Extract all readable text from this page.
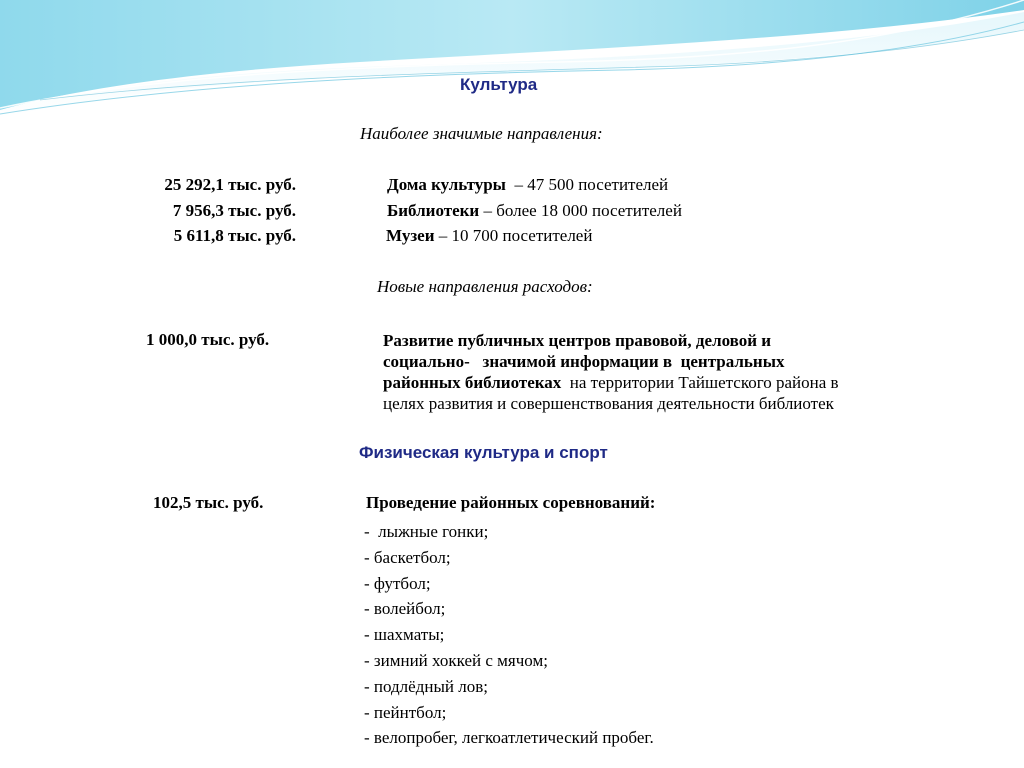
Культура
Наиболее значимые направления:
25 292,1 тыс. руб.	Дома культуры  – 47 500 посетителей
7 956,3 тыс. руб.	Библиотеки – более 18 000 посетителей
5 611,8 тыс. руб.	Музеи – 10 700 посетителей
Новые направления расходов:
1 000,0 тыс. руб.	Развитие публичных центров правовой, деловой и
социально-   значимой информации в  центральных
районных библиотеках  на территории Тайшетского района в
целях развития и совершенствования деятельности библиотек
Физическая культура и спорт
102,5 тыс. руб.	Проведение районных соревнований:
-  лыжные гонки;
- баскетбол;
- футбол;
- волейбол;
- шахматы;
- зимний хоккей с мячом;
- подлёдный лов;
- пейнтбол;
- велопробег, легкоатлетический пробег.
